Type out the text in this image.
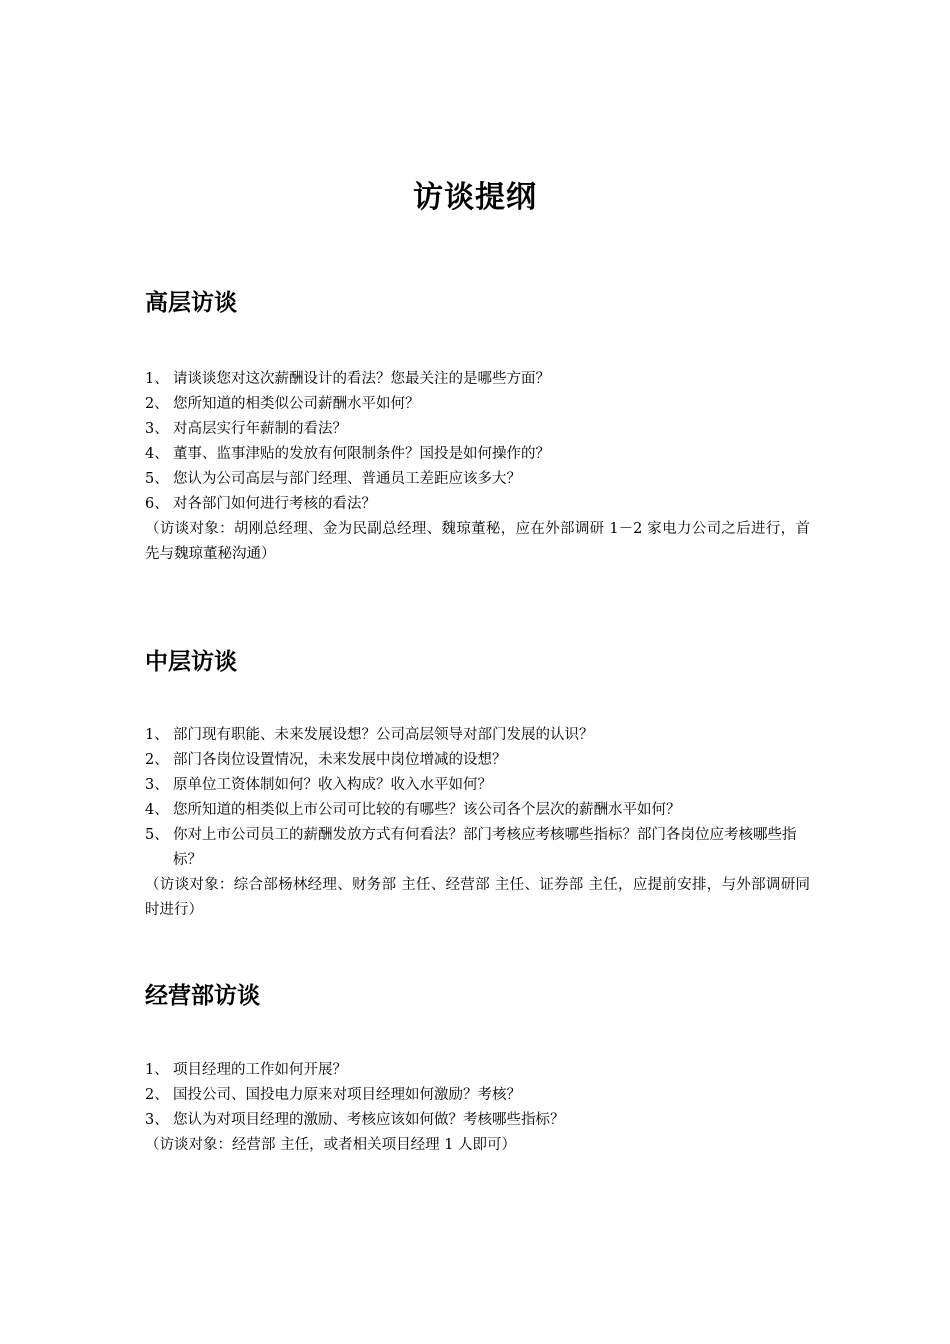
访谈提纲
高层访谈
1、 请谈谈您对这次薪酬设计的看法？您最关注的是哪些方面？
2、 您所知道的相类似公司薪酬水平如何？
3、 对高层实行年薪制的看法？
4、 董事、监事津贴的发放有何限制条件？国投是如何操作的？
5、 您认为公司高层与部门经理、普通员工差距应该多大？
6、 对各部门如何进行考核的看法？

（访谈对象：胡刚总经理、金为民副总经理、魏琼董秘，应在外部调研 1－2 家电力公司之后进行，首先与魏琼董秘沟通）

中层访谈
1、 部门现有职能、未来发展设想？公司高层领导对部门发展的认识？
2、 部门各岗位设置情况，未来发展中岗位增减的设想？
3、 原单位工资体制如何？收入构成？收入水平如何？
4、 您所知道的相类似上市公司可比较的有哪些？该公司各个层次的薪酬水平如何？
5、 你对上市公司员工的薪酬发放方式有何看法？部门考核应考核哪些指标？部门各岗位应考核哪些指标？

（访谈对象：综合部杨林经理、财务部 主任、经营部 主任、证券部 主任，应提前安排，与外部调研同时进行）

经营部访谈
1、 项目经理的工作如何开展？
2、 国投公司、国投电力原来对项目经理如何激励？考核？
3、 您认为对项目经理的激励、考核应该如何做？考核哪些指标？

（访谈对象：经营部 主任，或者相关项目经理 1 人即可）
